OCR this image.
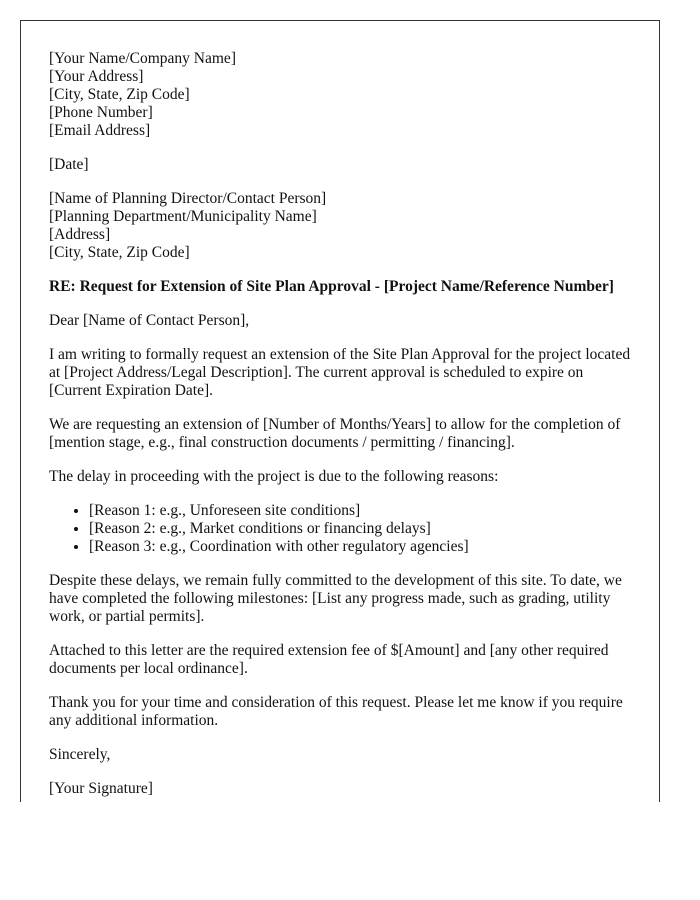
[Your Name/Company Name]
[Your Address]
[City, State, Zip Code]
[Phone Number]
[Email Address]
[Date]
[Name of Planning Director/Contact Person]
[Planning Department/Municipality Name]
[Address]
[City, State, Zip Code]
RE: Request for Extension of Site Plan Approval - [Project Name/Reference Number]

Dear [Name of Contact Person],

I am writing to formally request an extension of the Site Plan Approval for the project located at [Project Address/Legal Description]. The current approval is scheduled to expire on [Current Expiration Date].

We are requesting an extension of [Number of Months/Years] to allow for the completion of [mention stage, e.g., final construction documents / permitting / financing].

The delay in proceeding with the project is due to the following reasons:

• [Reason 1: e.g., Unforeseen site conditions]
• [Reason 2: e.g., Market conditions or financing delays]
• [Reason 3: e.g., Coordination with other regulatory agencies]

Despite these delays, we remain fully committed to the development of this site. To date, we have completed the following milestones: [List any progress made, such as grading, utility work, or partial permits].

Attached to this letter are the required extension fee of $[Amount] and [any other required documents per local ordinance].

Thank you for your time and consideration of this request. Please let me know if you require any additional information.

Sincerely,

[Your Signature]
